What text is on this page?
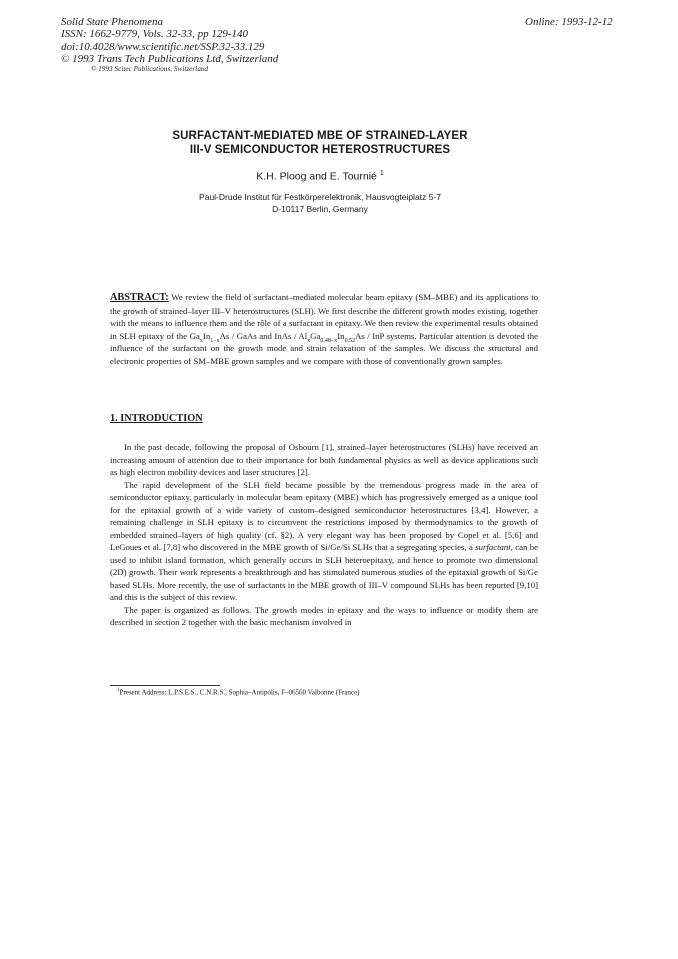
Solid State Phenomena
ISSN: 1662-9779, Vols. 32-33, pp 129-140
doi:10.4028/www.scientific.net/SSP.32-33.129
© 1993 Trans Tech Publications Ltd, Switzerland
© 1993 Scitec Publications, Switzerland
Online: 1993-12-12
SURFACTANT-MEDIATED MBE OF STRAINED-LAYER
III-V SEMICONDUCTOR HETEROSTRUCTURES
K.H. Ploog and E. Tournié $^1$
Paul-Drude Institut für Festkörperelektronik, Hausvogteiplatz 5-7
D-10117 Berlin, Germany
ABSTRACT: We review the field of surfactant–mediated molecular beam epitaxy (SM–MBE) and its applications to the growth of strained–layer III–V heterostructures (SLH). We first describe the different growth modes existing, together with the means to influence them and the rôle of a surfactant in epitaxy. We then review the experimental results obtained in SLH epitaxy of the $Ga_xIn_{1-x}As$ / GaAs and InAs / $Al_xGa_{0.48-x}In_{0.52}As$ / InP systems. Particular attention is devoted the influence of the surfactant on the growth mode and strain relaxation of the samples. We discuss the structural and electronic properties of SM–MBE grown samples and we compare with those of conventionally grown samples.
1. INTRODUCTION

In the past decade, following the proposal of Osbourn [1], strained–layer heterostructures (SLHs) have received an increasing amount of attention due to their importance for both fundamental physics as well as device applications such as high electron mobility devices and laser structures [2].

The rapid development of the SLH field became possible by the tremendous progress made in the area of semiconductor epitaxy, particularly in molecular beam epitaxy (MBE) which has progressively emerged as a unique tool for the epitaxial growth of a wide variety of custom–designed semiconductor heterostructures [3,4]. However, a remaining challenge in SLH epitaxy is to circumvent the restrictions imposed by thermodynamics to the growth of embedded strained–layers of high quality (cf. §2). A very elegant way has been proposed by Copel et al. [5,6] and LeGoues et al. [7,8] who discovered in the MBE growth of Si/Ge/Si SLHs that a segregating species, a surfactant, can be used to inhibit island formation, which generally occurs in SLH heteroepitaxy, and hence to promote two dimensional (2D) growth. Their work represents a breakthrough and has stimulated numerous studies of the epitaxial growth of Si/Ge based SLHs. More recently, the use of surfactants in the MBE growth of III–V compound SLHs has been reported [9,10] and this is the subject of this review.

The paper is organized as follows. The growth modes in epitaxy and the ways to influence or modify them are described in section 2 together with the basic mechanism involved in

$^1$Present Address: L.P.S.E.S., C.N.R.S., Sophia–Antipolis, F–06560 Valbonne (France)
